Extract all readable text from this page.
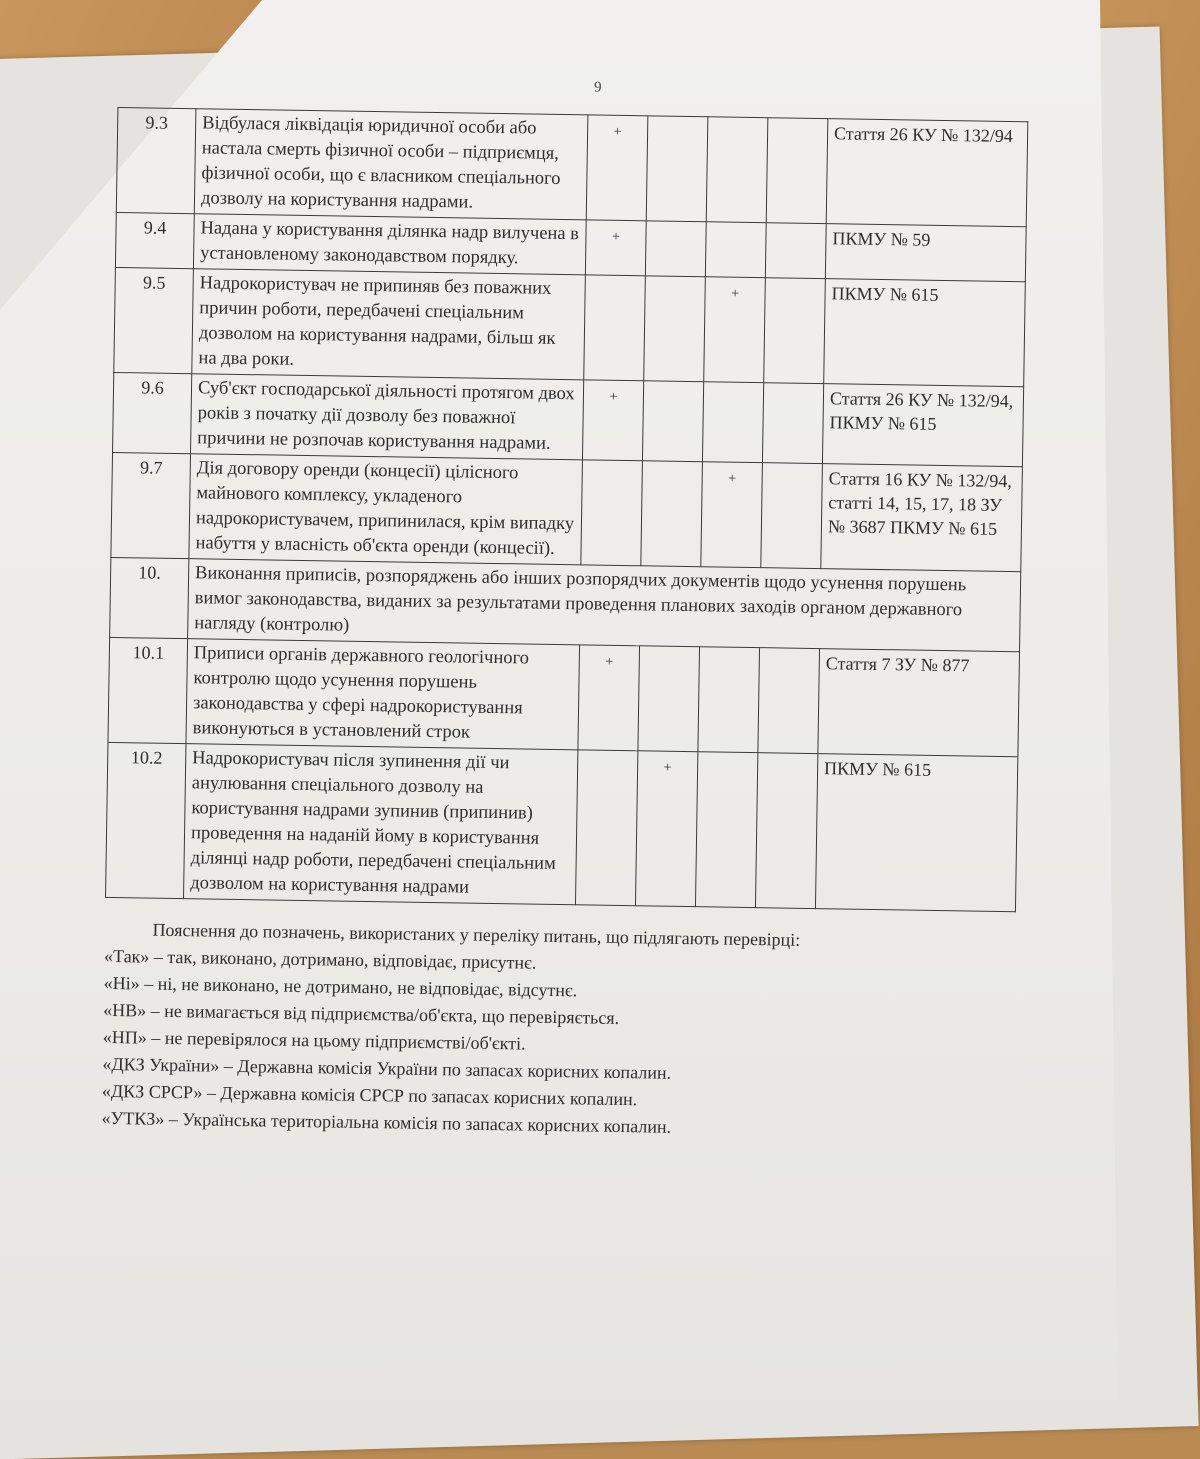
9
9.3	Відбулася ліквідація юридичної особи або настала смерть фізичної особи – підприємця, фізичної особи, що є власником спеціального дозволу на користування надрами.	+				Стаття 26 КУ № 132/94
9.4	Надана у користування ділянка надр вилучена в установленому законодавством порядку.	+				ПКМУ № 59
9.5	Надрокористувач не припиняв без поважних причин роботи, передбачені спеціальним дозволом на користування надрами, більш як на два роки.			+		ПКМУ № 615
9.6	Суб'єкт господарської діяльності протягом двох років з початку дії дозволу без поважної причини не розпочав користування надрами.	+				Стаття 26 КУ № 132/94, ПКМУ № 615
9.7	Дія договору оренди (концесії) цілісного майнового комплексу, укладеного надрокористувачем, припинилася, крім випадку набуття у власність об'єкта оренди (концесії).			+		Стаття 16 КУ № 132/94, статті 14, 15, 17, 18 ЗУ № 3687 ПКМУ № 615
10.	Виконання приписів, розпоряджень або інших розпорядчих документів щодо усунення порушень вимог законодавства, виданих за результатами проведення планових заходів органом державного нагляду (контролю)					
10.1	Приписи органів державного геологічного контролю щодо усунення порушень законодавства у сфері надрокористування виконуються в установлений строк	+				Стаття 7 ЗУ № 877
10.2	Надрокористувач після зупинення дії чи анулювання спеціального дозволу на користування надрами зупинив (припинив) проведення на наданій йому в користування ділянці надр роботи, передбачені спеціальним дозволом на користування надрами		+			ПКМУ № 615
Пояснення до позначень, використаних у переліку питань, що підлягають перевірці:
«Так» – так, виконано, дотримано, відповідає, присутнє.
«Ні» – ні, не виконано, не дотримано, не відповідає, відсутнє.
«НВ» – не вимагається від підприємства/об'єкта, що перевіряється.
«НП» – не перевірялося на цьому підприємстві/об'єкті.
«ДКЗ України» – Державна комісія України по запасах корисних копалин.
«ДКЗ СРСР» – Державна комісія СРСР по запасах корисних копалин.
«УТКЗ» – Українська територіальна комісія по запасах корисних копалин.
